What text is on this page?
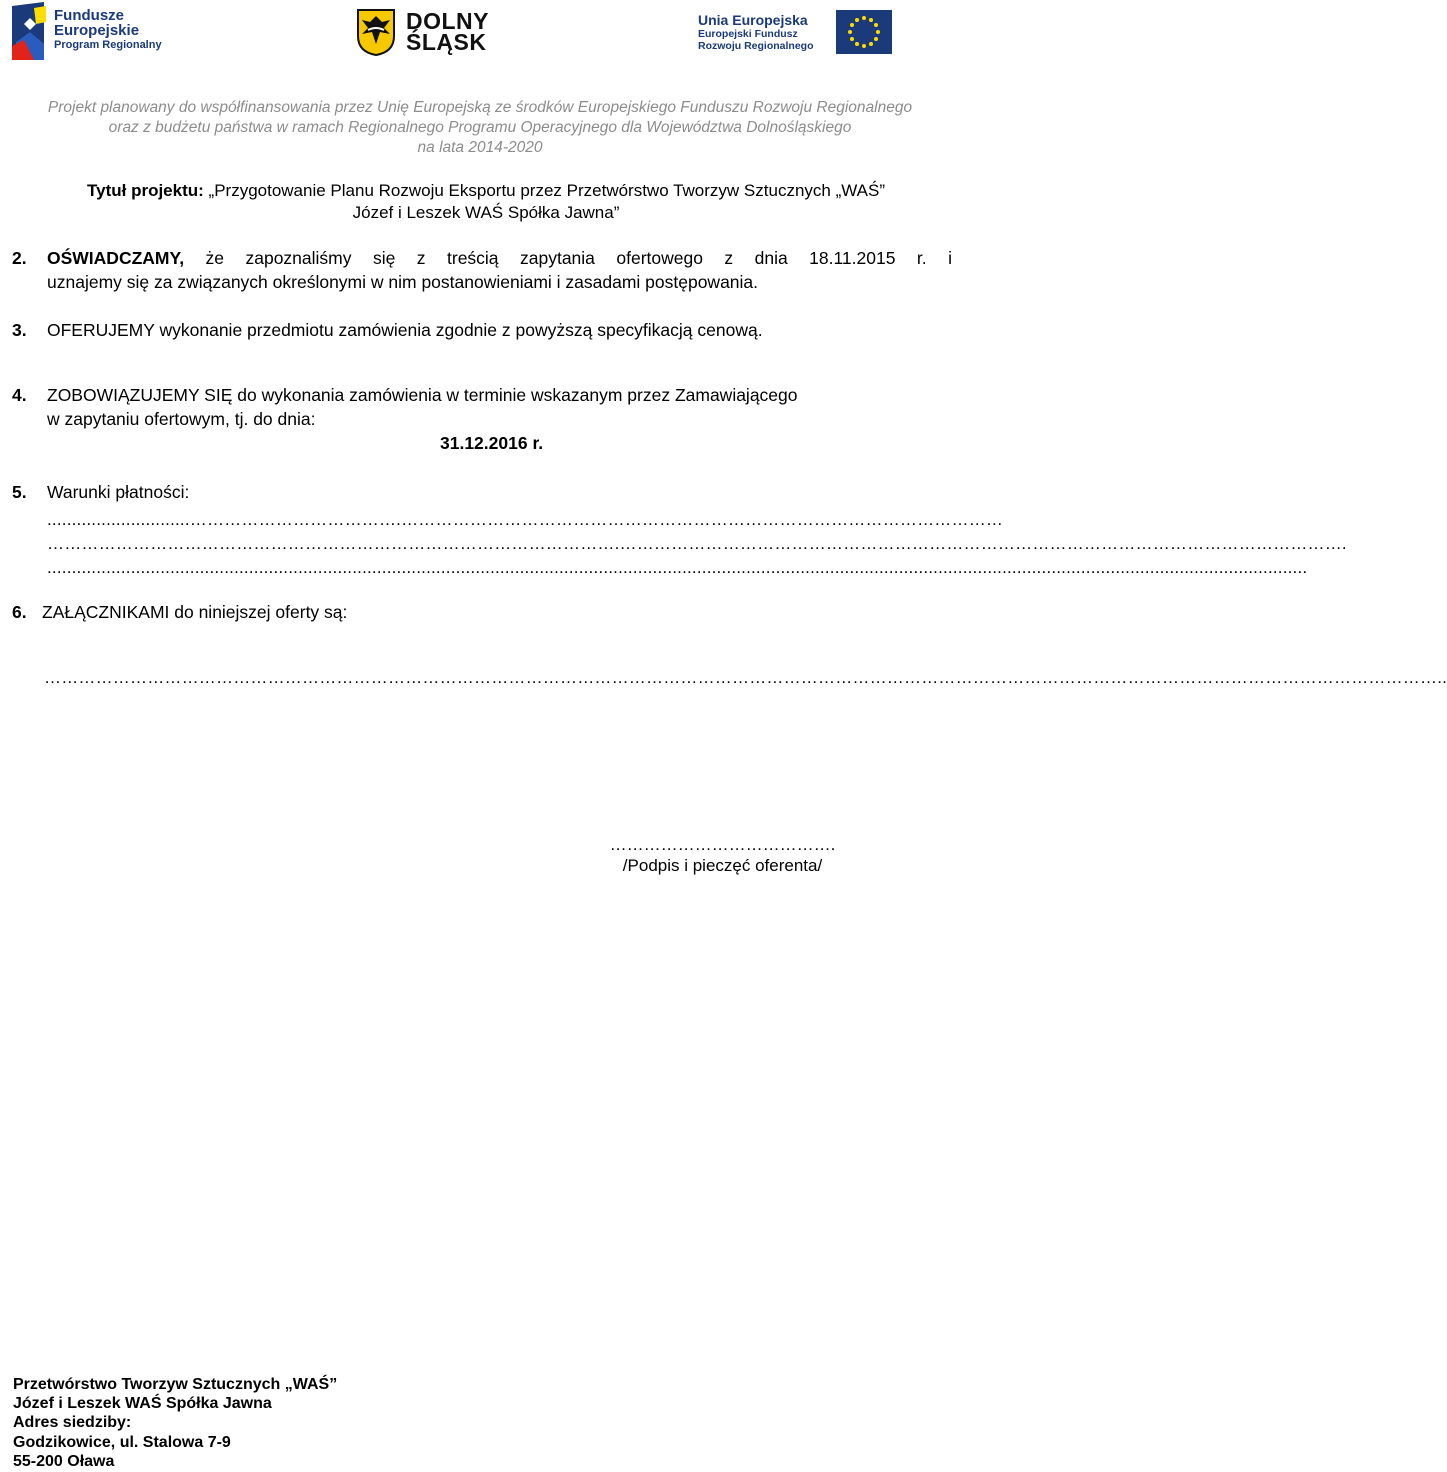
Fundusze
Europejskie
Program Regionalny
DOLNY
ŚLĄSK
Unia Europejska
Europejski Fundusz
Rozwoju Regionalnego
Projekt planowany do współfinansowania przez Unię Europejską ze środków Europejskiego Funduszu Rozwoju Regionalnego
oraz z budżetu państwa w ramach Regionalnego Programu Operacyjnego dla Województwa Dolnośląskiego
na lata 2014-2020
Tytuł projektu: „Przygotowanie Planu Rozwoju Eksportu przez Przetwórstwo Tworzyw Sztucznych „WAŚ”
Józef i Leszek WAŚ Spółka Jawna”
2. OŚWIADCZAMY, że zapoznaliśmy się z treścią zapytania ofertowego z dnia 18.11.2015 r. i
uznajemy się za związanych określonymi w nim postanowieniami i zasadami postępowania.
3. OFERUJEMY wykonanie przedmiotu zamówienia zgodnie z powyższą specyfikacją cenową.
4. ZOBOWIĄZUJEMY SIĘ do wykonania zamówienia w terminie wskazanym przez Zamawiającego
w zapytaniu ofertowym, tj. do dnia:
31.12.2016 r.
5. Warunki płatności:
.............................……………………………….……………………………………………………………………………………………
……………………………………………………………………………………….……………………………………………………………………………………………………………….
................................................................................................................................................................................................................................................................
6. ZAŁĄCZNIKAMI do niniejszej oferty są:
………………………………………………………………………………………………………………………………………………………………………………………………………………………..
………………………………….
/Podpis i pieczęć oferenta/
Przetwórstwo Tworzyw Sztucznych „WAŚ”
Józef i Leszek WAŚ Spółka Jawna
Adres siedziby:
Godzikowice, ul. Stalowa 7-9
55-200 Oława
